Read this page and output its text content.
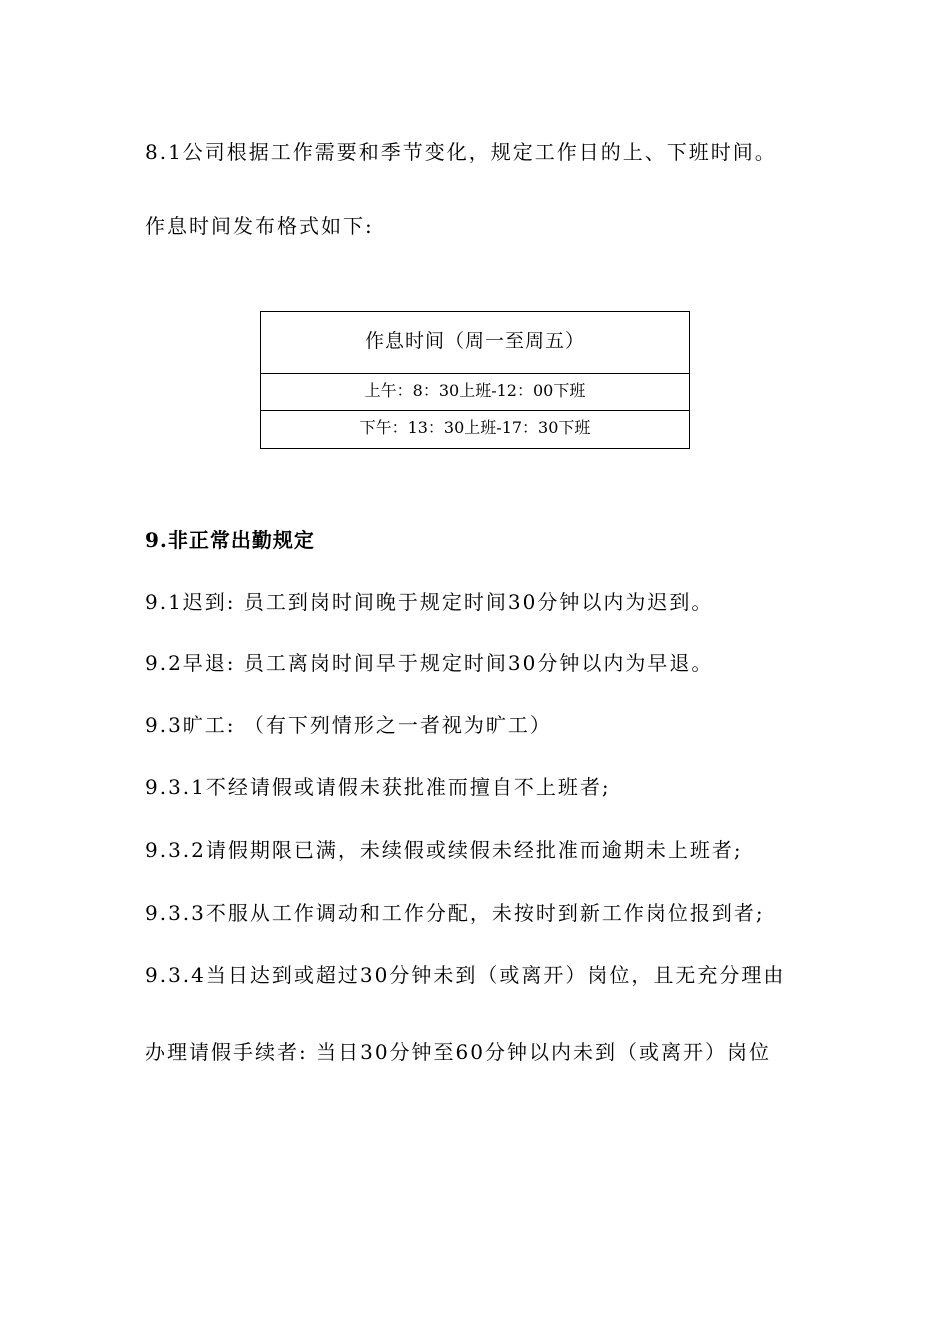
8.1公司根据工作需要和季节变化，规定工作日的上、下班时间。
作息时间发布格式如下:
作息时间（周一至周五）
上午：8：30上班-12：00下班
下午：13：30上班-17：30下班
9.非正常出勤规定
9.1迟到: 员工到岗时间晚于规定时间30分钟以内为迟到。
9.2早退: 员工离岗时间早于规定时间30分钟以内为早退。
9.3旷工: （有下列情形之一者视为旷工）
9.3.1不经请假或请假未获批准而擅自不上班者;
9.3.2请假期限已满，未续假或续假未经批准而逾期未上班者;
9.3.3不服从工作调动和工作分配，未按时到新工作岗位报到者;
9.3.4当日达到或超过30分钟未到（或离开）岗位，且无充分理由
办理请假手续者: 当日30分钟至60分钟以内未到（或离开）岗位
